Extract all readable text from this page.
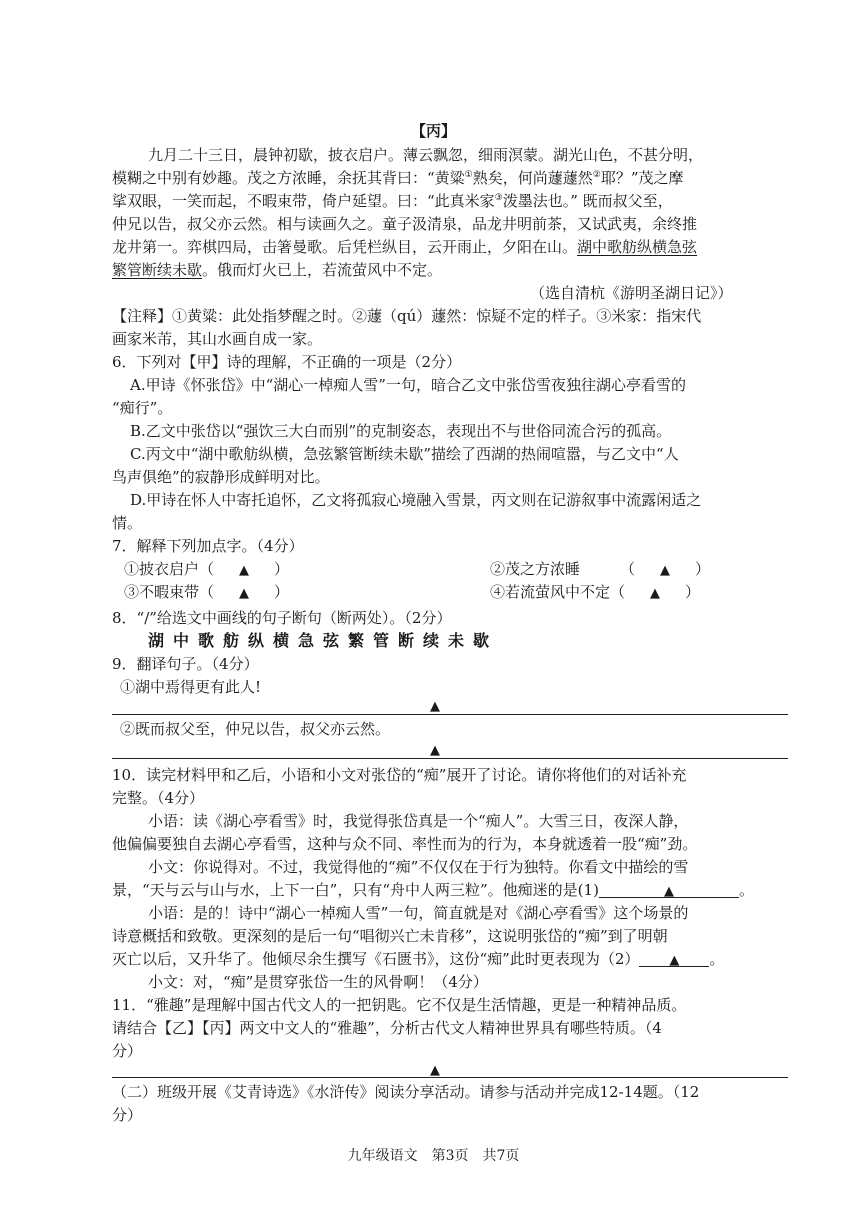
【丙】
九月二十三日，晨钟初歇，披衣启户。薄云飘忽，细雨溟蒙。湖光山色，不甚分明，
模糊之中别有妙趣。茂之方浓睡，余抚其背曰：“黄粱①熟矣，何尚蘧蘧然②耶？”茂之摩
挲双眼，一笑而起，不暇束带，倚户延望。曰：“此真米家③泼墨法也。” 既而叔父至，
仲兄以告，叔父亦云然。相与读画久之。童子汲清泉，品龙井明前茶，又试武夷，余终推
龙井第一。弈棋四局，击箸曼歌。后凭栏纵目，云开雨止，夕阳在山。湖中歌舫纵横急弦
繁管断续未歇。俄而灯火已上，若流萤风中不定。
（选自清杭《游明圣湖日记》）
【注释】①黄粱：此处指梦醒之时。②蘧（qú）蘧然：惊疑不定的样子。③米家：指宋代
画家米芾，其山水画自成一家。
6．下列对【甲】诗的理解，不正确的一项是（2分）
A.甲诗《怀张岱》中“湖心一棹痴人雪”一句，暗合乙文中张岱雪夜独往湖心亭看雪的
“痴行”。
B.乙文中张岱以“强饮三大白而别”的克制姿态，表现出不与世俗同流合污的孤高。
C.丙文中“湖中歌舫纵横，急弦繁管断续未歇”描绘了西湖的热闹喧嚣，与乙文中“人
鸟声俱绝”的寂静形成鲜明对比。
D.甲诗在怀人中寄托追怀，乙文将孤寂心境融入雪景，丙文则在记游叙事中流露闲适之
情。
7．解释下列加点字。（4分）
①披衣启户（ ▲ ）	②茂之方浓睡	（ ▲ ）
③不暇束带（ ▲ ）	④若流萤风中不定（ ▲ ）
8．“/”给选文中画线的句子断句（断两处）。（2分）
湖中歌舫纵横急弦繁管断续未歇
9．翻译句子。（4分）
①湖中焉得更有此人!
▲
②既而叔父至，仲兄以告，叔父亦云然。
▲
10．读完材料甲和乙后，小语和小文对张岱的“痴”展开了讨论。请你将他们的对话补充
完整。（4分）
小语：读《湖心亭看雪》时，我觉得张岱真是一个“痴人”。大雪三日，夜深人静，
他偏偏要独自去湖心亭看雪，这种与众不同、率性而为的行为，本身就透着一股“痴”劲。
小文：你说得对。不过，我觉得他的“痴”不仅仅在于行为独特。你看文中描绘的雪
景，“天与云与山与水，上下一白”，只有“舟中人两三粒”。他痴迷的是(1)	▲	。
小语：是的！诗中“湖心一棹痴人雪”一句，简直就是对《湖心亭看雪》这个场景的
诗意概括和致敬。更深刻的是后一句“唱彻兴亡未肯移”，这说明张岱的“痴”到了明朝
灭亡以后，又升华了。他倾尽余生撰写《石匮书》，这份“痴”此时更表现为（2） ▲ 。
小文：对，“痴”是贯穿张岱一生的风骨啊！（4分）
11．“雅趣”是理解中国古代文人的一把钥匙。它不仅是生活情趣，更是一种精神品质。
请结合【乙】【丙】两文中文人的“雅趣”，分析古代文人精神世界具有哪些特质。（4
分）
▲
（二）班级开展《艾青诗选》《水浒传》阅读分享活动。请参与活动并完成12-14题。（12
分）
九年级语文　第3页　共7页
